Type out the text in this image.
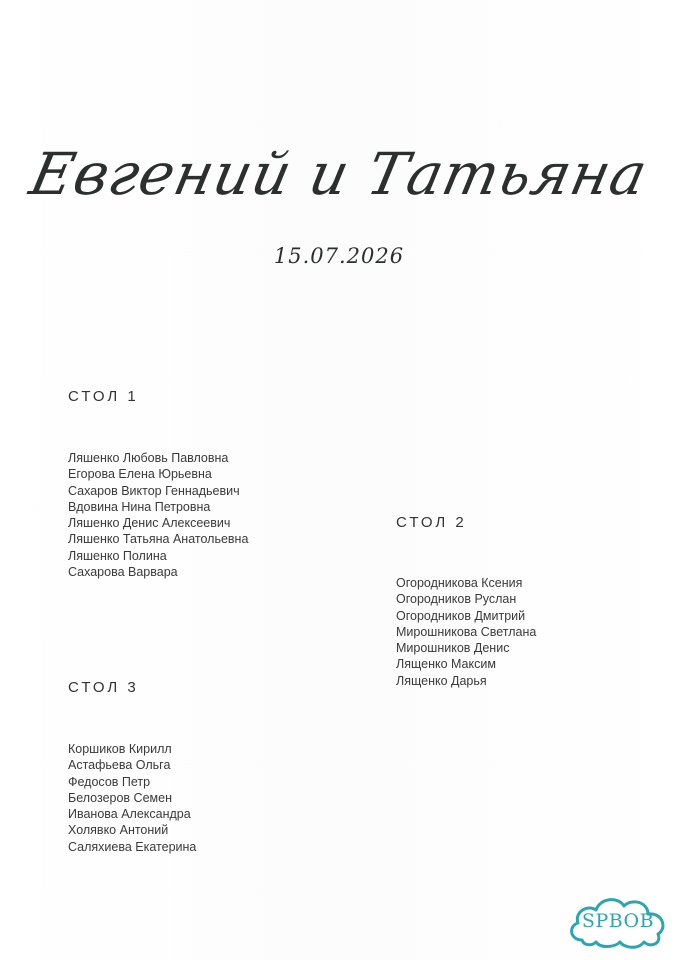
Евгений и Татьяна
15.07.2026

СТОЛ 1

Ляшенко Любовь Павловна
Егорова Елена Юрьевна
Сахаров Виктор Геннадьевич
Вдовина Нина Петровна
Ляшенко Денис Алексеевич
Ляшенко Татьяна Анатольевна
Ляшенко Полина
Сахарова Варвара

СТОЛ 2

Огородникова Ксения
Огородников Руслан
Огородников Дмитрий
Мирошникова Светлана
Мирошников Денис
Лященко Максим
Лященко Дарья

СТОЛ 3

Коршиков Кирилл
Астафьева Ольга
Федосов Петр
Белозеров Семен
Иванова Александра
Холявко Антоний
Саляхиева Екатерина
SPBOB
